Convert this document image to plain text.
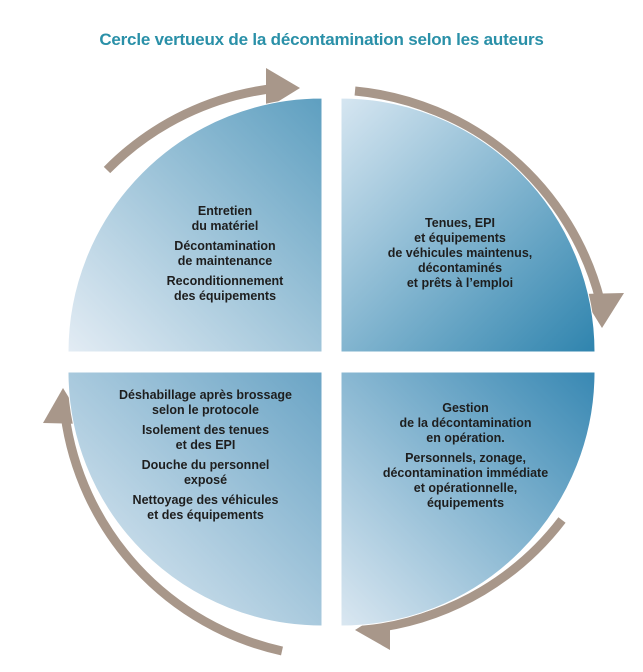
Cercle vertueux de la décontamination selon les auteurs
Entretien
du matériel
Décontamination
de maintenance
Reconditionnement
des équipements
Tenues, EPI
et équipements
de véhicules maintenus,
décontaminés
et prêts à l’emploi
Gestion
de la décontamination
en opération.
Personnels, zonage,
décontamination immédiate
et opérationnelle,
équipements
Déshabillage après brossage
selon le protocole
Isolement des tenues
et des EPI
Douche du personnel
exposé
Nettoyage des véhicules
et des équipements
